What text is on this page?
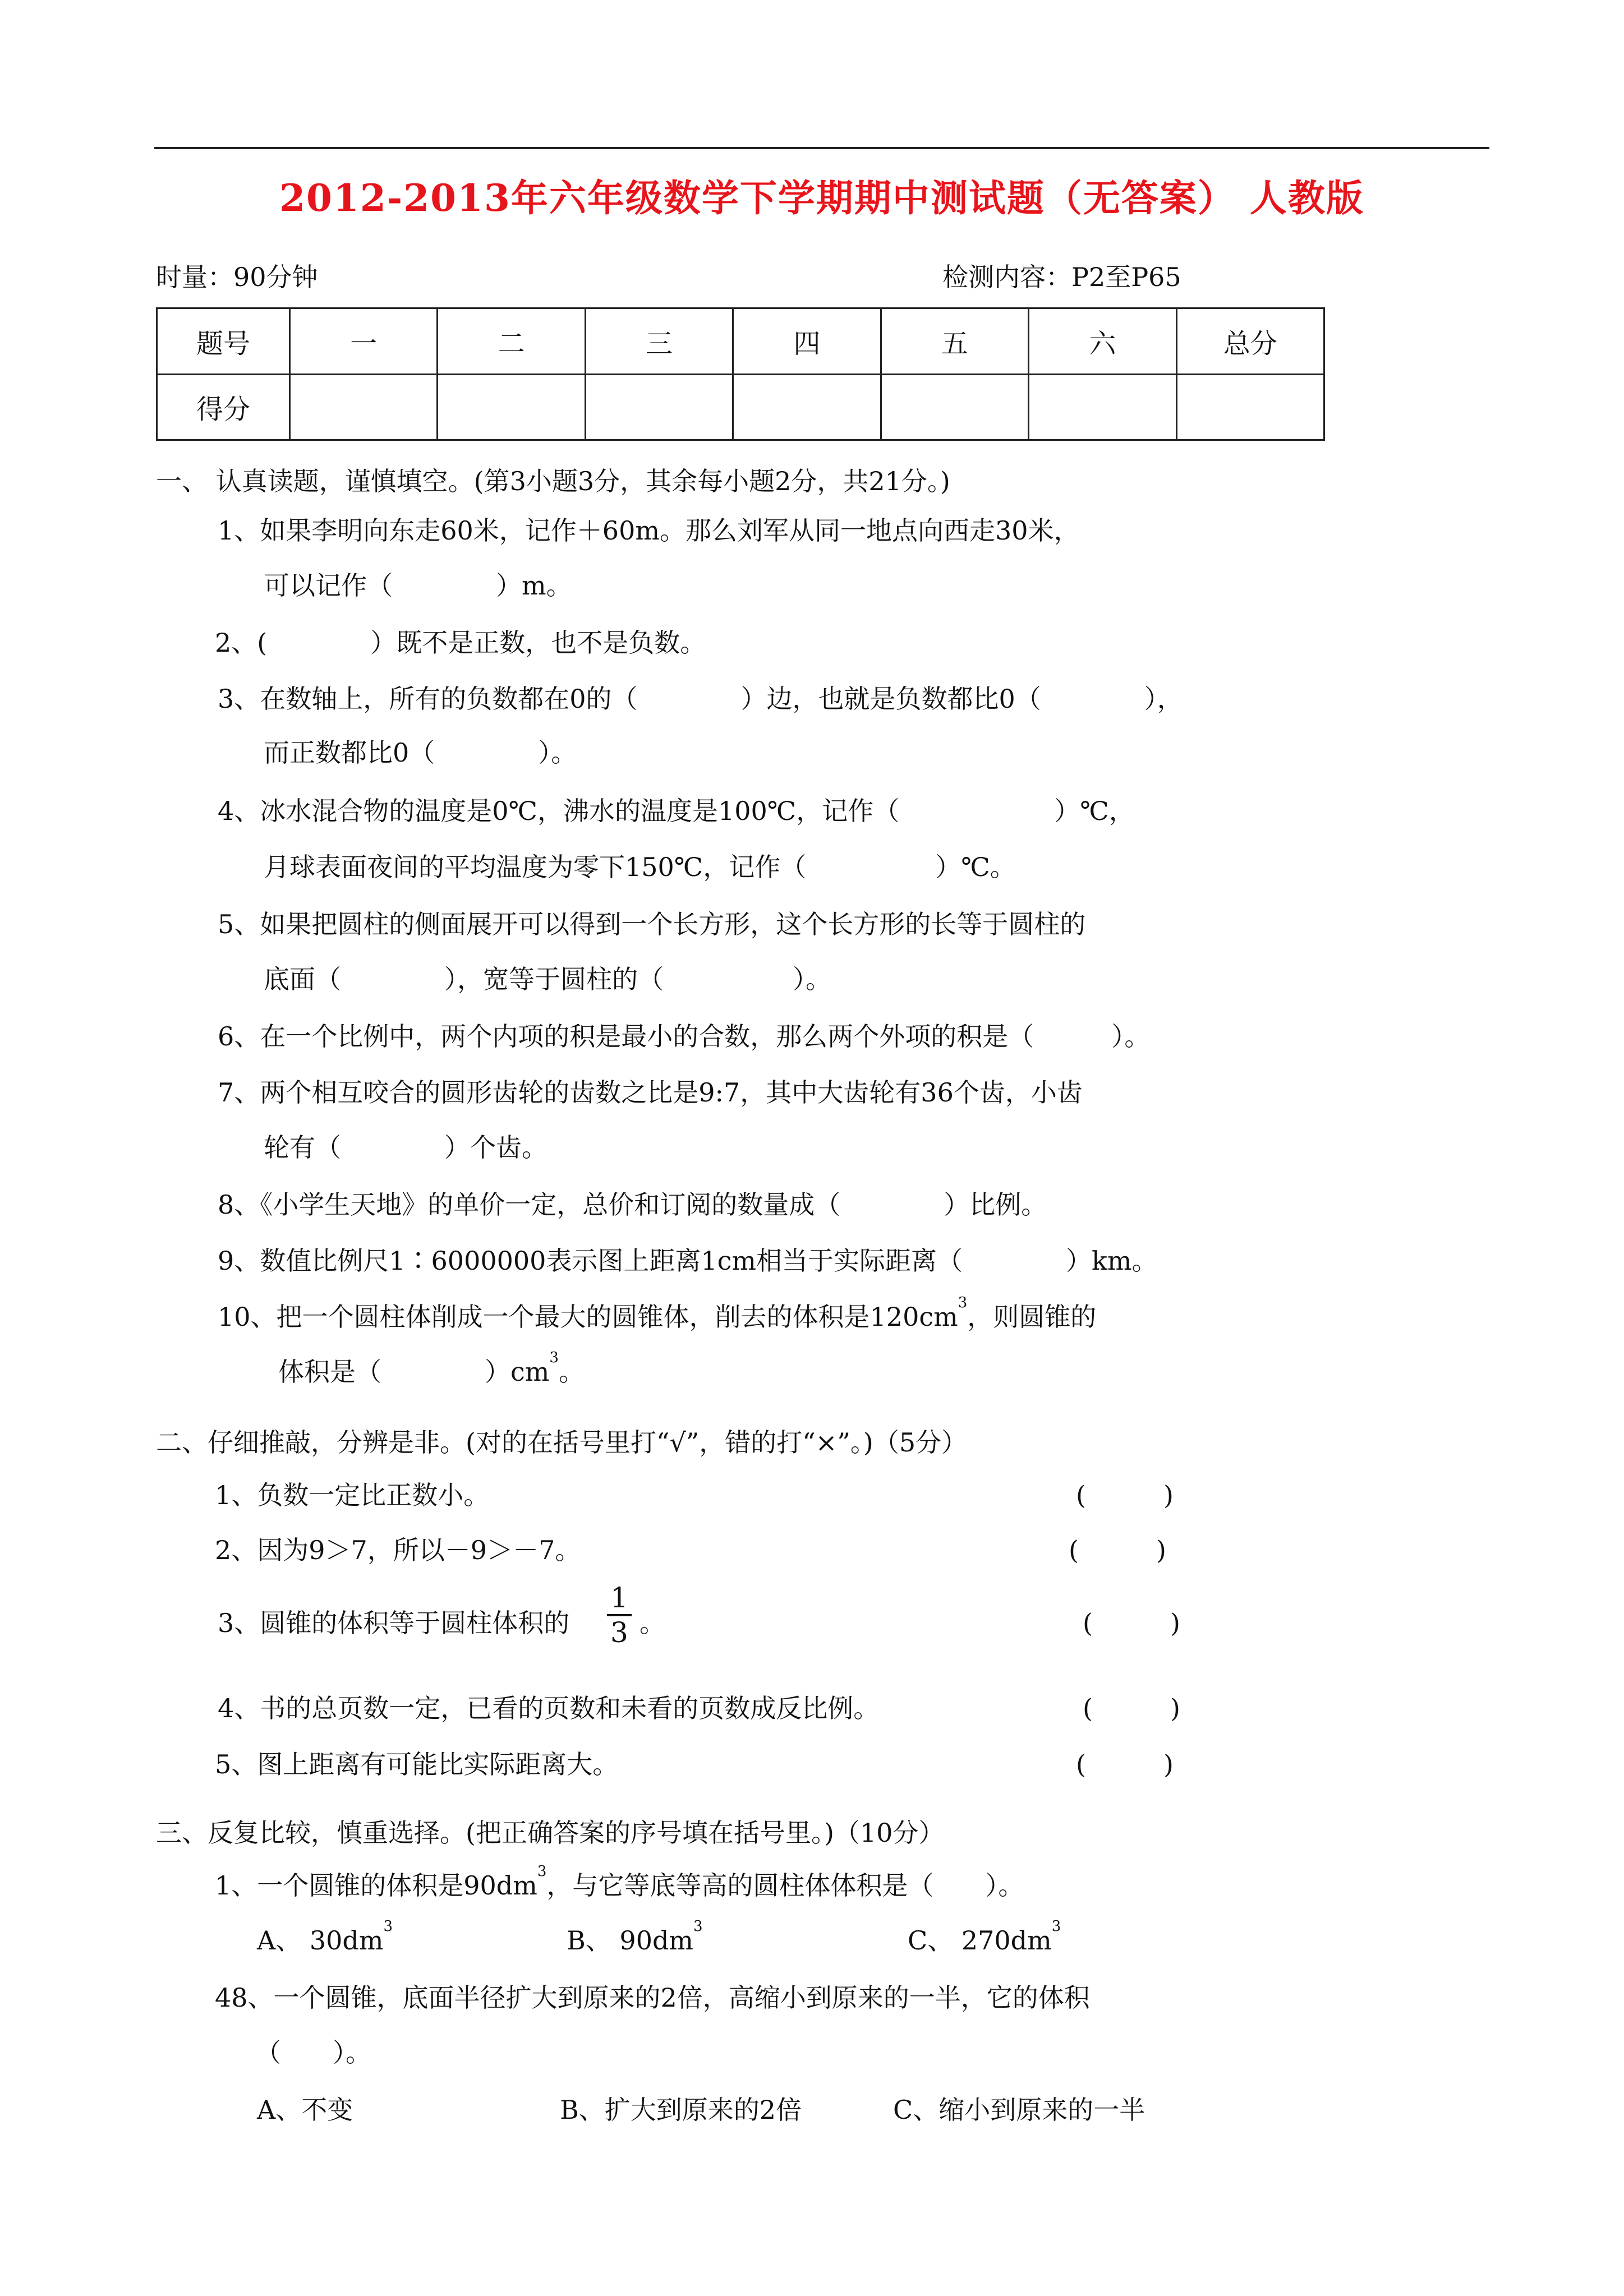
2012-2013年六年级数学下学期期中测试题（无答案） 人教版
时量：90分钟	检测内容：P2至P65
题号	一	二	三	四	五	六	总分
得分							
一、 认真读题，谨慎填空。(第3小题3分，其余每小题2分，共21分。)
1、如果李明向东走60米，记作＋60m。那么刘军从同一地点向西走30米，
可以记作（　　　　）m。
2、(　　　　）既不是正数，也不是负数。
3、在数轴上，所有的负数都在0的（　　　　）边，也就是负数都比0（　　　　），
而正数都比0（　　　　）。
4、冰水混合物的温度是0℃，沸水的温度是100℃，记作（　　　　　　）℃，
月球表面夜间的平均温度为零下150℃，记作（　　　　　）℃。
5、如果把圆柱的侧面展开可以得到一个长方形，这个长方形的长等于圆柱的
底面（　　　　），宽等于圆柱的（　　　　　）。
6、在一个比例中，两个内项的积是最小的合数，那么两个外项的积是（　　　）。
7、两个相互咬合的圆形齿轮的齿数之比是9:7，其中大齿轮有36个齿，小齿
轮有（　　　　）个齿。
8、《小学生天地》的单价一定，总价和订阅的数量成（　　　　）比例。
9、数值比例尺1∶6000000表示图上距离1cm相当于实际距离（　　　　）km。
10、把一个圆柱体削成一个最大的圆锥体，削去的体积是$120cm^3$，则圆锥的
体积是（　　　　）$cm^3$。
二、仔细推敲，分辨是非。(对的在括号里打“√”，错的打“×”。)（5分）
1、负数一定比正数小。	(　　　)
2、因为9＞7，所以－9＞－7。	(　　　)
3、圆锥的体积等于圆柱体积的 $\frac{1}{3}$ 。	(　　　)
4、书的总页数一定，已看的页数和未看的页数成反比例。	(　　　)
5、图上距离有可能比实际距离大。	(　　　)
三、反复比较，慎重选择。(把正确答案的序号填在括号里。)（10分）
1、一个圆锥的体积是$90dm^3$，与它等底等高的圆柱体体积是（　　）。
A、 $30dm^3$	B、 $90dm^3$	C、 $270dm^3$
48、一个圆锥，底面半径扩大到原来的2倍，高缩小到原来的一半，它的体积
（　　）。
A、不变	B、扩大到原来的2倍	C、缩小到原来的一半
